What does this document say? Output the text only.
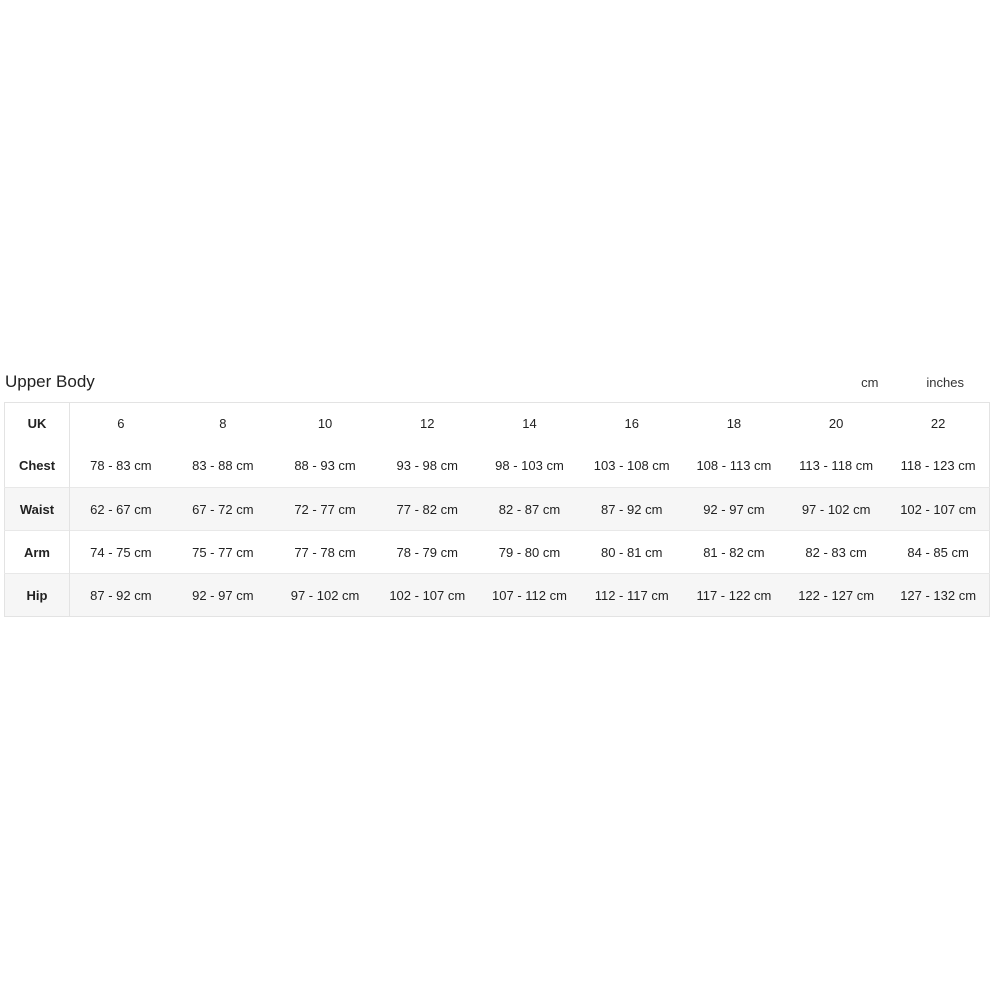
Upper Body	cm	inches
UK	6	8	10	12	14	16	18	20	22
Chest	78 - 83 cm	83 - 88 cm	88 - 93 cm	93 - 98 cm	98 - 103 cm	103 - 108 cm	108 - 113 cm	113 - 118 cm	118 - 123 cm
Waist	62 - 67 cm	67 - 72 cm	72 - 77 cm	77 - 82 cm	82 - 87 cm	87 - 92 cm	92 - 97 cm	97 - 102 cm	102 - 107 cm
Arm	74 - 75 cm	75 - 77 cm	77 - 78 cm	78 - 79 cm	79 - 80 cm	80 - 81 cm	81 - 82 cm	82 - 83 cm	84 - 85 cm
Hip	87 - 92 cm	92 - 97 cm	97 - 102 cm	102 - 107 cm	107 - 112 cm	112 - 117 cm	117 - 122 cm	122 - 127 cm	127 - 132 cm
